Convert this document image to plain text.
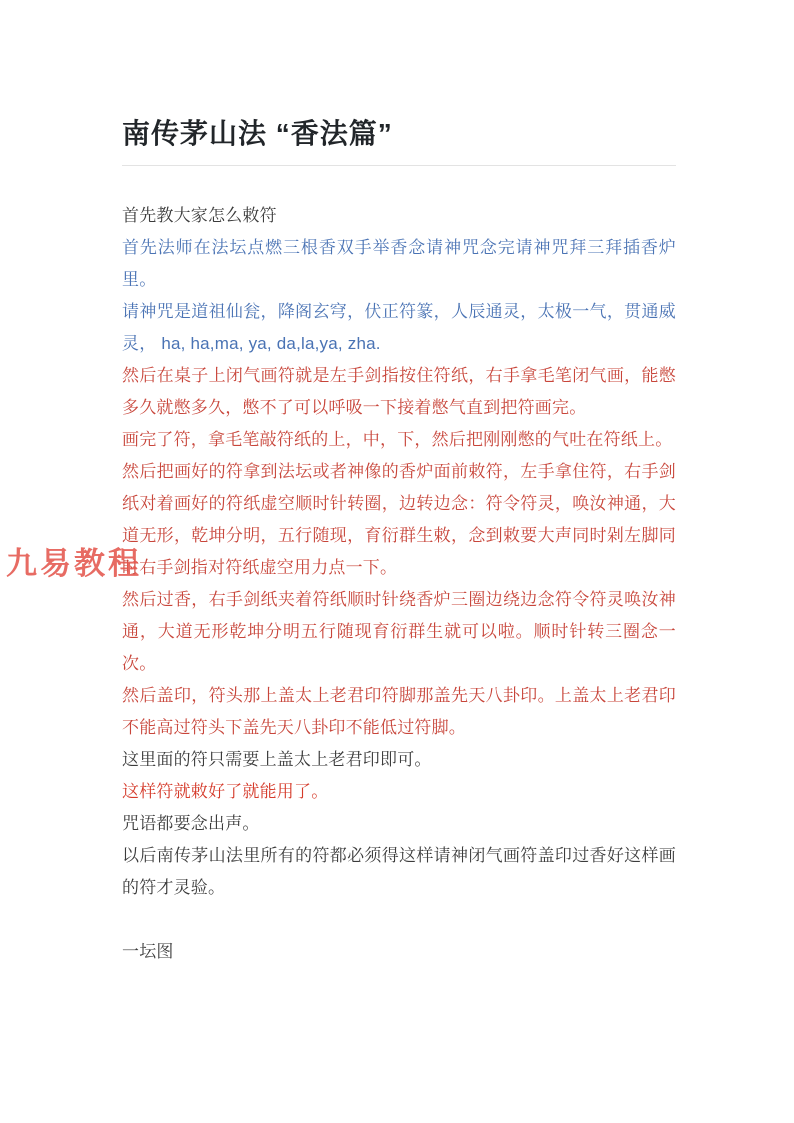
南传茅山法 “香法篇”

首先教大家怎么敕符

首先法师在法坛点燃三根香双手举香念请神咒念完请神咒拜三拜插香炉里。

请神咒是道祖仙瓮，降阁玄穹，伏正符篆，人辰通灵，太极一气，贯通威灵， ha, ha,ma, ya, da,la,ya, zha.

然后在桌子上闭气画符就是左手剑指按住符纸，右手拿毛笔闭气画，能憋多久就憋多久，憋不了可以呼吸一下接着憋气直到把符画完。

画完了符，拿毛笔敲符纸的上，中，下，然后把刚刚憋的气吐在符纸上。

然后把画好的符拿到法坛或者神像的香炉面前敕符，左手拿住符，右手剑纸对着画好的符纸虚空顺时针转圈，边转边念：符令符灵，唤汝神通，大道无形，乾坤分明，五行随现，育衍群生敕，念到敕要大声同时剁左脚同时右手剑指对符纸虚空用力点一下。

然后过香，右手剑纸夹着符纸顺时针绕香炉三圈边绕边念符令符灵唤汝神通，大道无形乾坤分明五行随现育衍群生就可以啦。顺时针转三圈念一次。

然后盖印，符头那上盖太上老君印符脚那盖先天八卦印。上盖太上老君印不能高过符头下盖先天八卦印不能低过符脚。

这里面的符只需要上盖太上老君印即可。

这样符就敕好了就能用了。

咒语都要念出声。

以后南传茅山法里所有的符都必须得这样请神闭气画符盖印过香好这样画的符才灵验。

一坛图

九易教程
